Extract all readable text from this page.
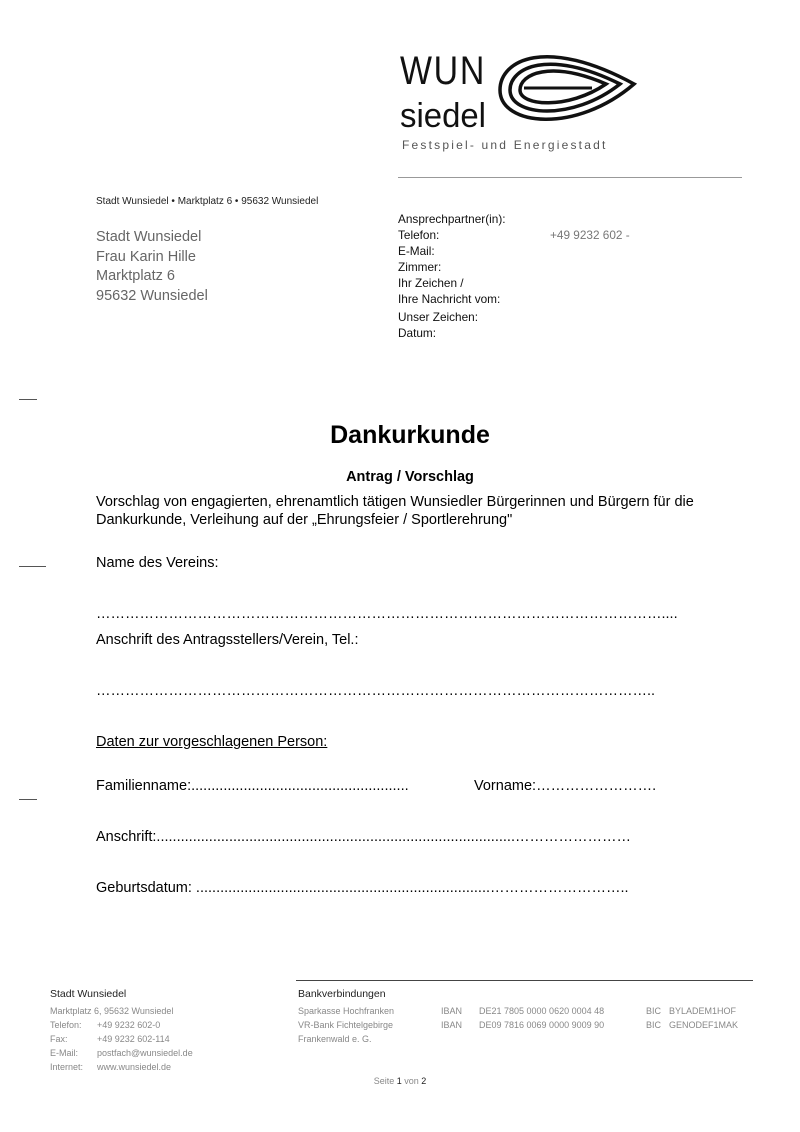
WUN
siedel
Festspiel- und Energiestadt
Stadt Wunsiedel • Marktplatz 6 • 95632 Wunsiedel
Stadt Wunsiedel
Frau Karin Hille
Marktplatz 6
95632 Wunsiedel
Ansprechpartner(in):
Telefon:	+49 9232 602 -
E-Mail:
Zimmer:
Ihr Zeichen /
Ihre Nachricht vom:
Unser Zeichen:
Datum:
Dankurkunde
Antrag / Vorschlag
Vorschlag von engagierten, ehrenamtlich tätigen Wunsiedler Bürgerinnen und Bürgern für die Dankurkunde, Verleihung auf der „Ehrungsfeier / Sportlerehrung"
Name des Vereins:
………………………………………………………………………………………………………....
Anschrift des Antragsstellers/Verein, Tel.:
……………………………………………………………………………………………………..
Daten zur vorgeschlagenen Person:
Familienname:......................................................	Vorname:…………………….
Anschrift:.........................................................................................……………………
Geburtsdatum: .........................................................................………………………..
Stadt Wunsiedel
Marktplatz 6, 95632 Wunsiedel
Telefon: +49 9232 602-0
Fax:	+49 9232 602-114
E-Mail: postfach@wunsiedel.de
Internet: www.wunsiedel.de
Bankverbindungen
Sparkasse Hochfranken	IBAN DE21 7805 0000 0620 0004 48	BIC BYLADEM1HOF
VR-Bank Fichtelgebirge	IBAN DE09 7816 0069 0000 9009 90	BIC GENODEF1MAK
Frankenwald e. G.
Seite 1 von 2
